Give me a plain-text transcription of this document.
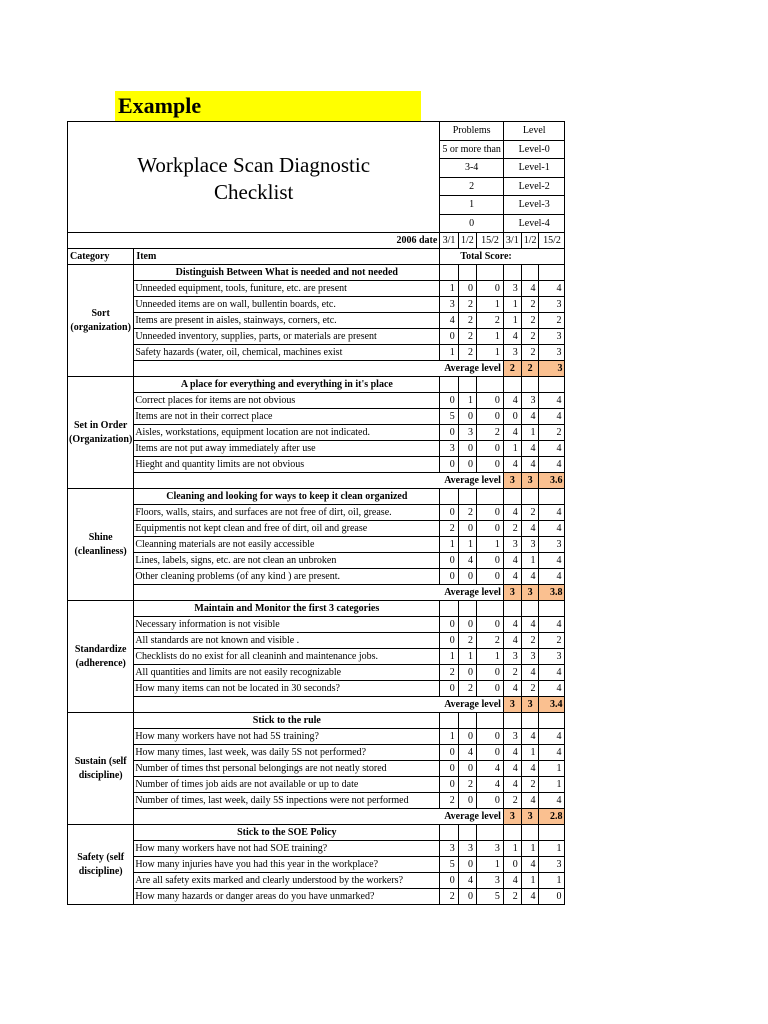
Example
Workplace Scan Diagnostic
Checklist		Problems			Level		
		5 or more than			Level-0		
		3-4			Level-1		
		2			Level-2		
		1			Level-3		
		0			Level-4		
2006 date		3/1	1/2	15/2	3/1	1/2	15/2
Category	Item	Total Score:					
Sort (organization)	Distinguish Between What is needed and not needed						
	Unneeded equipment, tools, funiture, etc. are present	1	0	0	3	4	4
	Unneeded items are on wall, bullentin boards, etc.	3	2	1	1	2	3
	Items are present in aisles, stainways, corners, etc.	4	2	2	1	2	2
	Unneeded inventory, supplies, parts, or materials are present	0	2	1	4	2	3
	Safety hazards (water, oil, chemical, machines exist	1	2	1	3	2	3
	Average level				2	2	3
Set in Order (Organization)	A place for everything and everything in it's place						
	Correct places for items are not obvious	0	1	0	4	3	4
	Items are not in their correct place	5	0	0	0	4	4
	Aisles, workstations, equipment location are not indicated.	0	3	2	4	1	2
	Items are not put away immediately after use	3	0	0	1	4	4
	Hieght and quantity limits are not obvious	0	0	0	4	4	4
	Average level				3	3	3.6
Shine (cleanliness)	Cleaning and looking for ways to keep it clean organized						
	Floors, walls, stairs, and surfaces are not free of dirt, oil, grease.	0	2	0	4	2	4
	Equipmentis not kept clean and free of dirt, oil and grease	2	0	0	2	4	4
	Cleanning materials are not easily accessible	1	1	1	3	3	3
	Lines, labels, signs, etc. are not clean an unbroken	0	4	0	4	1	4
	Other cleaning problems (of any kind ) are present.	0	0	0	4	4	4
	Average level				3	3	3.8
Standardize (adherence)	Maintain and Monitor the first 3 categories						
	Necessary information is not visible	0	0	0	4	4	4
	All standards are not known and visible .	0	2	2	4	2	2
	Checklists do no exist for all cleaninh and maintenance jobs.	1	1	1	3	3	3
	All quantities and limits are not easily recognizable	2	0	0	2	4	4
	How many items can not be located in 30 seconds?	0	2	0	4	2	4
	Average level				3	3	3.4
Sustain (self discipline)	Stick to the rule						
	How many workers have not had 5S training?	1	0	0	3	4	4
	How many times, last week, was daily 5S not performed?	0	4	0	4	1	4
	Number of times thst personal belongings are not neatly stored	0	0	4	4	4	1
	Number of times job aids are not available or up to date	0	2	4	4	2	1
	Number of times, last week, daily 5S inpections were not performed	2	0	0	2	4	4
	Average level				3	3	2.8
Safety (self discipline)	Stick to the SOE Policy						
	How many workers have not had SOE training?	3	3	3	1	1	1
	How many injuries have you had this year in the workplace?	5	0	1	0	4	3
	Are all safety exits marked and clearly understood by the workers?	0	4	3	4	1	1
	How many hazards or danger areas do you have unmarked?	2	0	5	2	4	0
